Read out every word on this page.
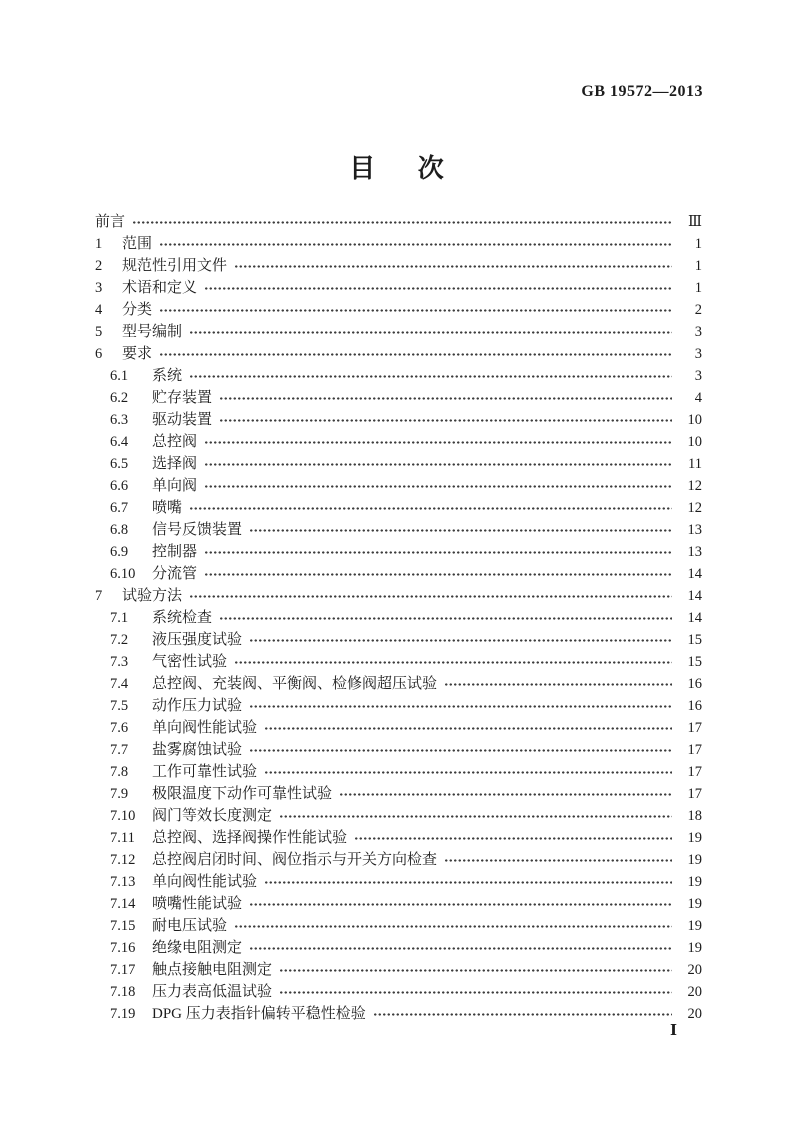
GB 19572—2013
目 次
前言	Ⅲ
1	范围	1
2	规范性引用文件	1
3	术语和定义	1
4	分类	2
5	型号编制	3
6	要求	3
6.1	系统	3
6.2	贮存装置	4
6.3	驱动装置	10
6.4	总控阀	10
6.5	选择阀	11
6.6	单向阀	12
6.7	喷嘴	12
6.8	信号反馈装置	13
6.9	控制器	13
6.10	分流管	14
7	试验方法	14
7.1	系统检查	14
7.2	液压强度试验	15
7.3	气密性试验	15
7.4	总控阀、充装阀、平衡阀、检修阀超压试验	16
7.5	动作压力试验	16
7.6	单向阀性能试验	17
7.7	盐雾腐蚀试验	17
7.8	工作可靠性试验	17
7.9	极限温度下动作可靠性试验	17
7.10	阀门等效长度测定	18
7.11	总控阀、选择阀操作性能试验	19
7.12	总控阀启闭时间、阀位指示与开关方向检查	19
7.13	单向阀性能试验	19
7.14	喷嘴性能试验	19
7.15	耐电压试验	19
7.16	绝缘电阻测定	19
7.17	触点接触电阻测定	20
7.18	压力表高低温试验	20
7.19	DPG 压力表指针偏转平稳性检验	20
Ⅰ
